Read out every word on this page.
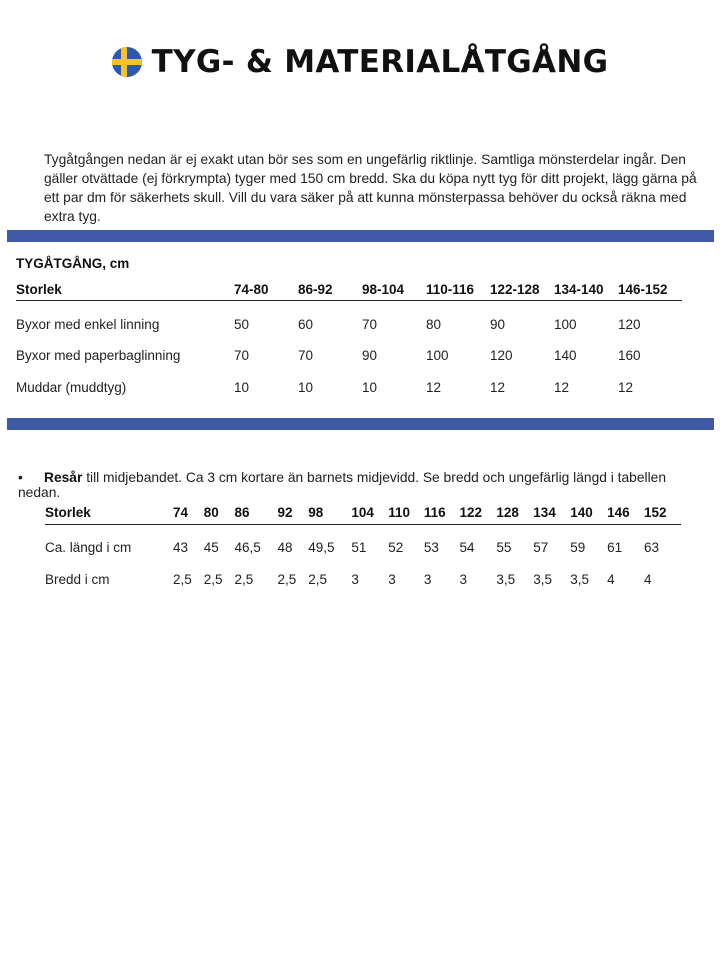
TYG- & MATERIALÅTGÅNG

Tygåtgången nedan är ej exakt utan bör ses som en ungefärlig riktlinje. Samtliga mönsterdelar ingår. Den gäller otvättade (ej förkrympta) tyger med 150 cm bredd. Ska du köpa nytt tyg för ditt projekt, lägg gärna på ett par dm för säkerhets skull. Vill du vara säker på att kunna mönsterpassa behöver du också räkna med extra tyg.

TYGÅTGÅNG, cm
Storlek	74-80	86-92	98-104	110-116	122-128	134-140	146-152
Byxor med enkel linning	50	60	70	80	90	100	120
Byxor med paperbaglinning	70	70	90	100	120	140	160
Muddar (muddtyg)	10	10	10	12	12	12	12
• Resår till midjebandet. Ca 3 cm kortare än barnets midjevidd. Se bredd och ungefärlig längd i tabellen nedan.
Storlek	74	80	86	92	98	104	110	116	122	128	134	140	146	152
Ca. längd i cm	43	45	46,5	48	49,5	51	52	53	54	55	57	59	61	63
Bredd i cm	2,5	2,5	2,5	2,5	2,5	3	3	3	3	3,5	3,5	3,5	4	4
